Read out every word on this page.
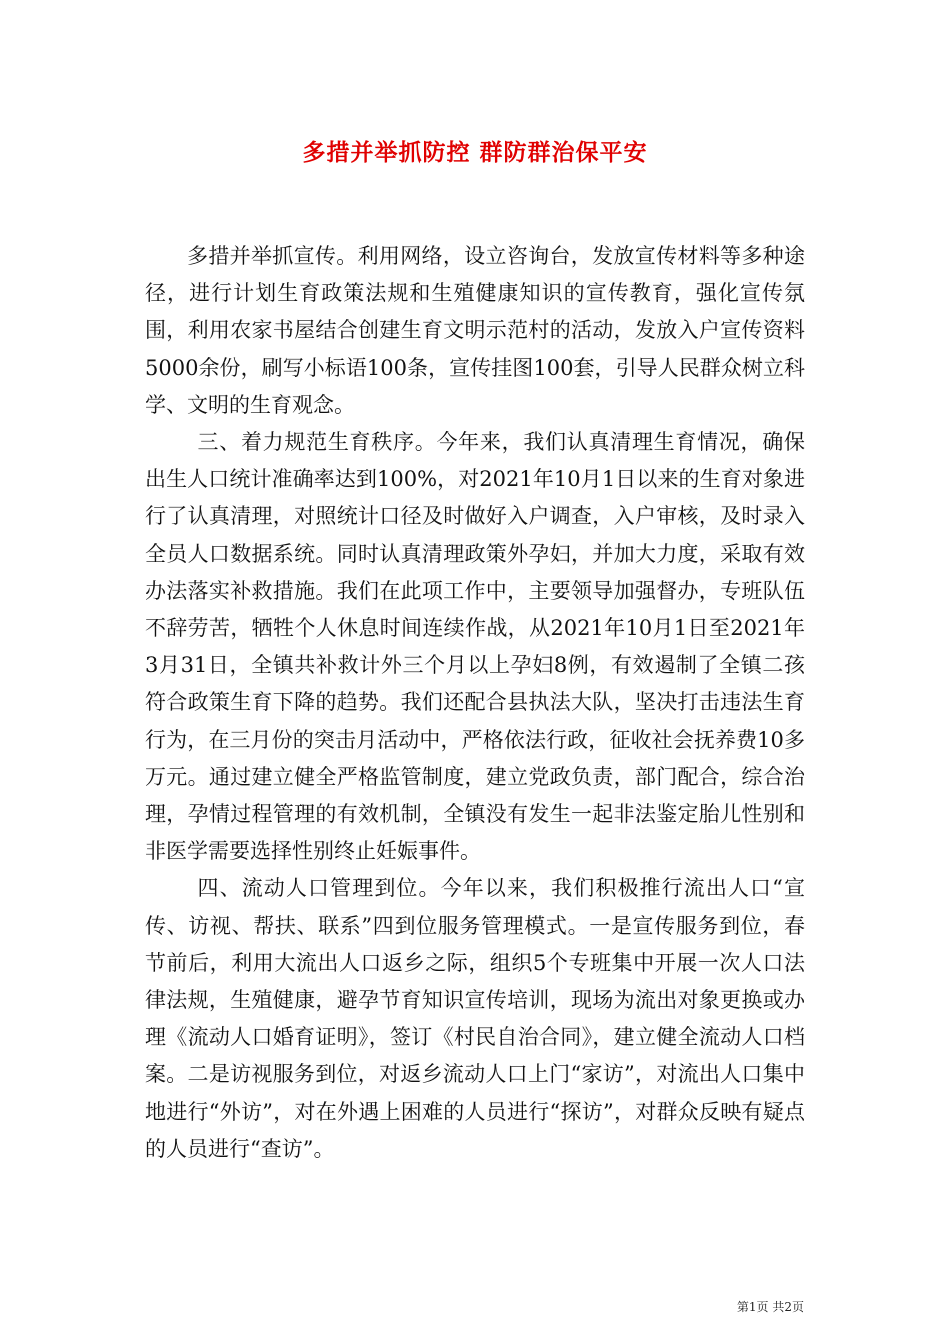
多措并举抓防控 群防群治保平安

多措并举抓宣传。利用网络，设立咨询台，发放宣传材料等多种途径，进行计划生育政策法规和生殖健康知识的宣传教育，强化宣传氛围，利用农家书屋结合创建生育文明示范村的活动，发放入户宣传资料5000余份，刷写小标语100条，宣传挂图100套，引导人民群众树立科学、文明的生育观念。

三、着力规范生育秩序。今年来，我们认真清理生育情况，确保出生人口统计准确率达到100%，对2021年10月1日以来的生育对象进行了认真清理，对照统计口径及时做好入户调查，入户审核，及时录入全员人口数据系统。同时认真清理政策外孕妇，并加大力度，采取有效办法落实补救措施。我们在此项工作中，主要领导加强督办，专班队伍不辞劳苦，牺牲个人休息时间连续作战，从2021年10月1日至2021年3月31日，全镇共补救计外三个月以上孕妇8例，有效遏制了全镇二孩符合政策生育下降的趋势。我们还配合县执法大队，坚决打击违法生育行为，在三月份的突击月活动中，严格依法行政，征收社会抚养费10多万元。通过建立健全严格监管制度，建立党政负责，部门配合，综合治理，孕情过程管理的有效机制，全镇没有发生一起非法鉴定胎儿性别和非医学需要选择性别终止妊娠事件。

四、流动人口管理到位。今年以来，我们积极推行流出人口“宣传、访视、帮扶、联系”四到位服务管理模式。一是宣传服务到位，春节前后，利用大流出人口返乡之际，组织5个专班集中开展一次人口法律法规，生殖健康，避孕节育知识宣传培训，现场为流出对象更换或办理《流动人口婚育证明》，签订《村民自治合同》，建立健全流动人口档案。二是访视服务到位，对返乡流动人口上门“家访”，对流出人口集中地进行“外访”，对在外遇上困难的人员进行“探访”，对群众反映有疑点的人员进行“查访”。

第1页 共2页
